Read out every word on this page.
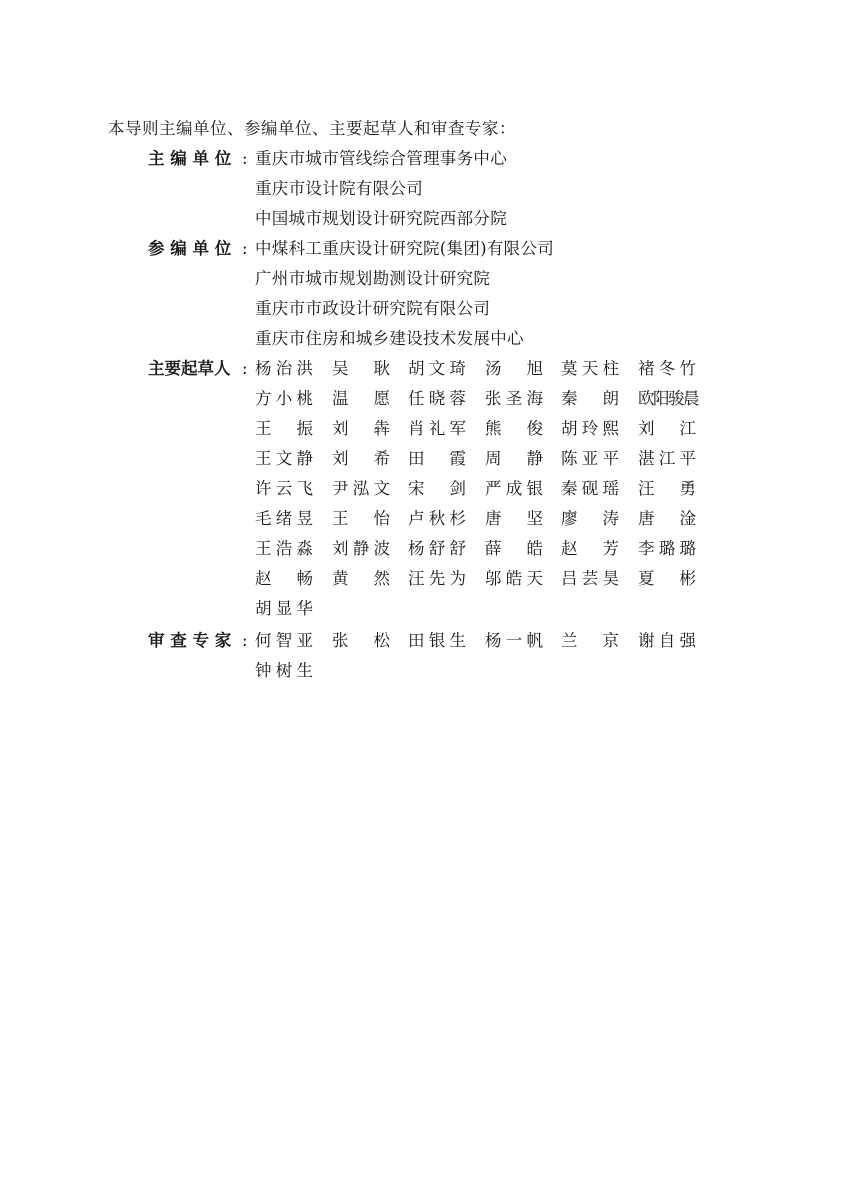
本导则主编单位、参编单位、主要起草人和审查专家：
主 编 单 位 : 重庆市城市管线综合管理事务中心
重庆市设计院有限公司
中国城市规划设计研究院西部分院
参 编 单 位 : 中煤科工重庆设计研究院(集团)有限公司
广州市城市规划勘测设计研究院
重庆市市政设计研究院有限公司
重庆市住房和城乡建设技术发展中心
主要起草人 : 杨治洪 吴 耿 胡文琦 汤 旭 莫天柱 褚冬竹
方小桃 温 愿 任晓蓉 张圣海 秦 朗 欧阳骏晨
王 振 刘 犇 肖礼军 熊 俊 胡玲熙 刘 江
王文静 刘 希 田 霞 周 静 陈亚平 湛江平
许云飞 尹泓文 宋 剑 严成银 秦砚瑶 汪 勇
毛绪昱 王 怡 卢秋杉 唐 坚 廖 涛 唐 淦
王浩淼 刘静波 杨舒舒 薛 皓 赵 芳 李璐璐
赵 畅 黄 然 汪先为 邬皓天 吕芸昊 夏 彬
胡显华
审 查 专 家 : 何智亚 张 松 田银生 杨一帆 兰 京 谢自强
钟树生
